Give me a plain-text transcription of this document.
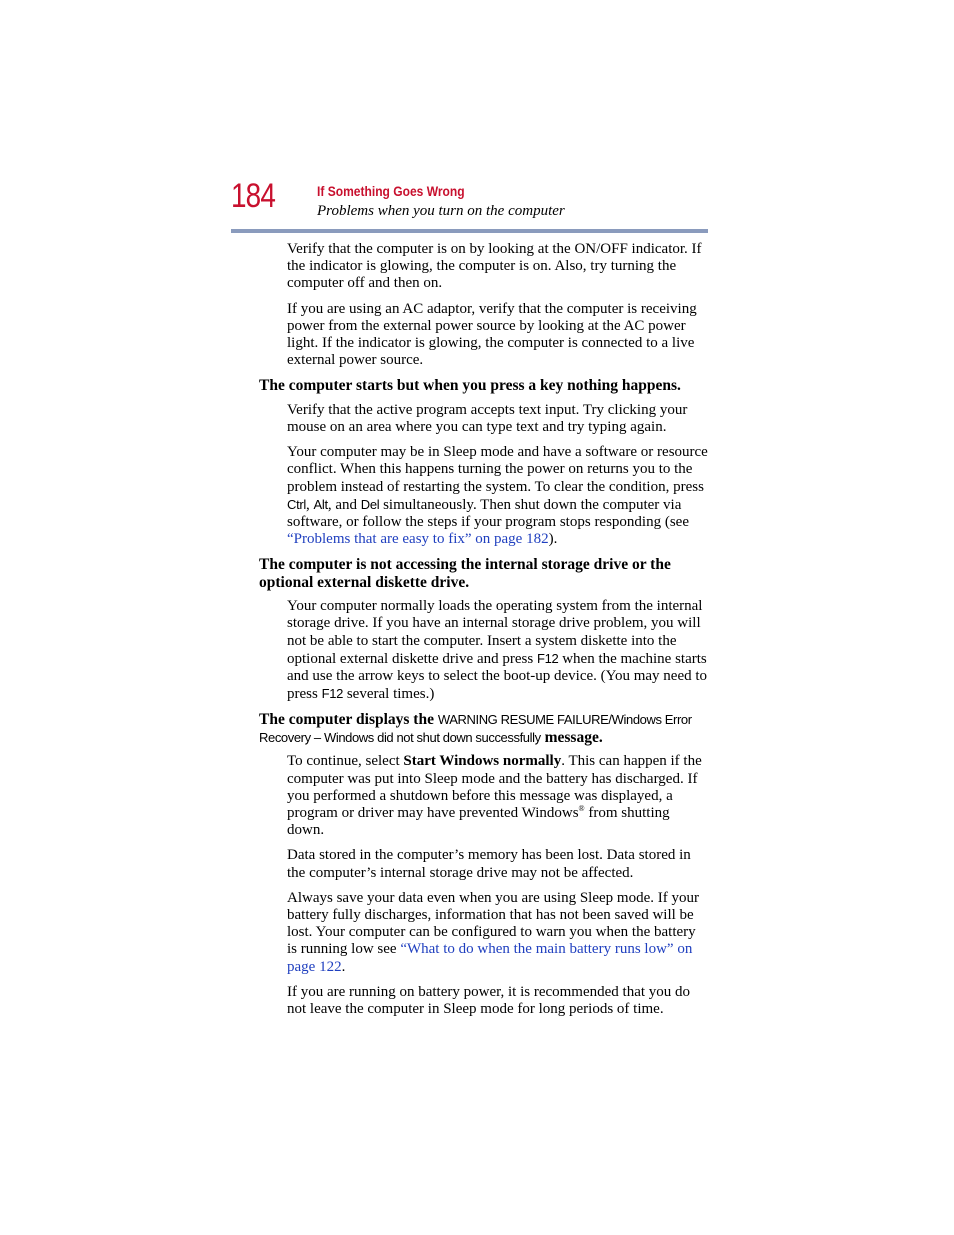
184	If Something Goes Wrong
Problems when you turn on the computer

Verify that the computer is on by looking at the ON/OFF indicator. If the indicator is glowing, the computer is on. Also, try turning the computer off and then on.

If you are using an AC adaptor, verify that the computer is receiving power from the external power source by looking at the AC power light. If the indicator is glowing, the computer is connected to a live external power source.

The computer starts but when you press a key nothing happens.

Verify that the active program accepts text input. Try clicking your mouse on an area where you can type text and try typing again.

Your computer may be in Sleep mode and have a software or resource conflict. When this happens turning the power on returns you to the problem instead of restarting the system. To clear the condition, press Ctrl, Alt, and Del simultaneously. Then shut down the computer via software, or follow the steps if your program stops responding (see “Problems that are easy to fix” on page 182).

The computer is not accessing the internal storage drive or the optional external diskette drive.

Your computer normally loads the operating system from the internal storage drive. If you have an internal storage drive problem, you will not be able to start the computer. Insert a system diskette into the optional external diskette drive and press F12 when the machine starts and use the arrow keys to select the boot-up device. (You may need to press F12 several times.)

The computer displays the WARNING RESUME FAILURE/Windows Error Recovery – Windows did not shut down successfully message.

To continue, select Start Windows normally. This can happen if the computer was put into Sleep mode and the battery has discharged. If you performed a shutdown before this message was displayed, a program or driver may have prevented Windows® from shutting down.

Data stored in the computer’s memory has been lost. Data stored in the computer’s internal storage drive may not be affected.

Always save your data even when you are using Sleep mode. If your battery fully discharges, information that has not been saved will be lost. Your computer can be configured to warn you when the battery is running low see “What to do when the main battery runs low” on page 122.

If you are running on battery power, it is recommended that you do not leave the computer in Sleep mode for long periods of time.
